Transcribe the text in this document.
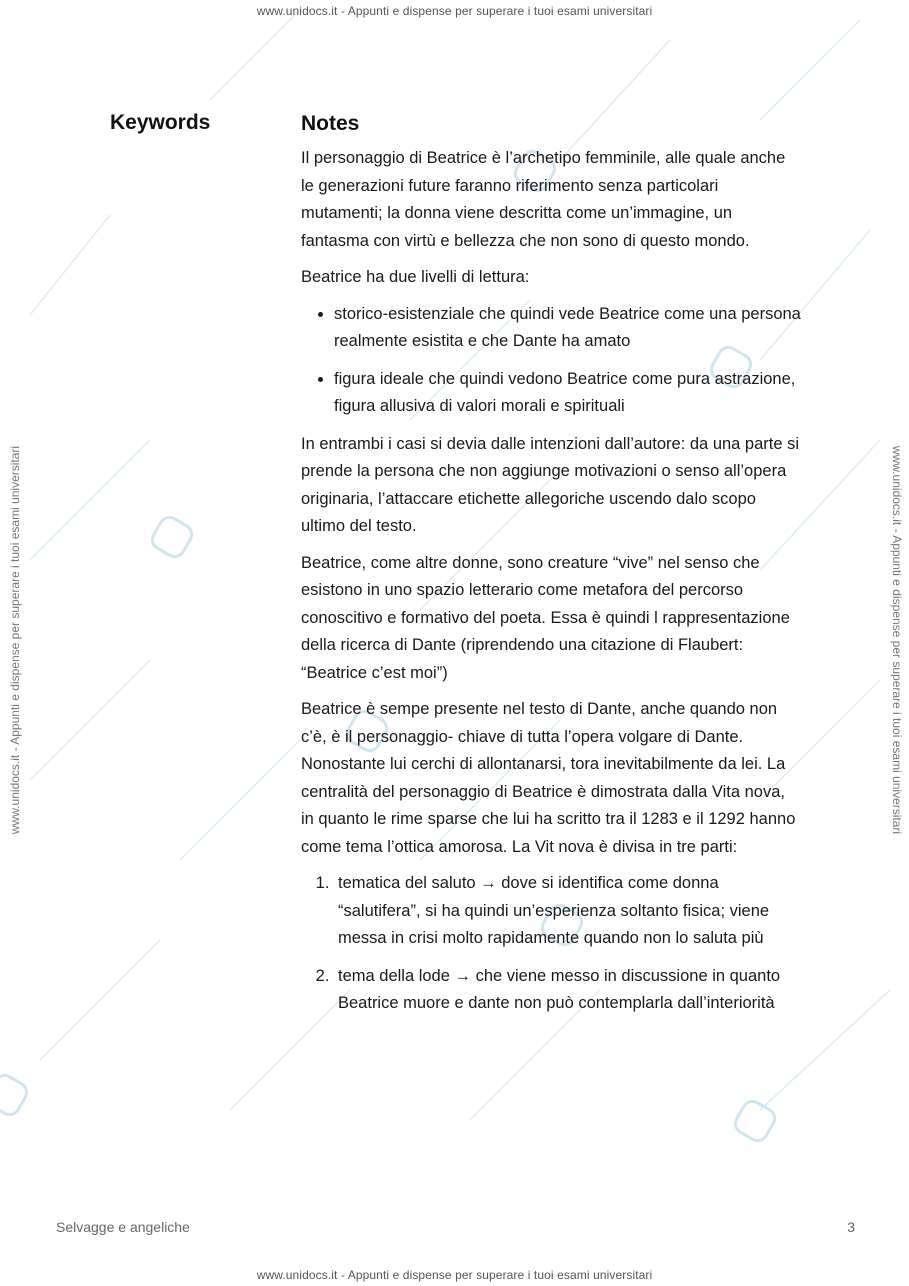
www.unidocs.it - Appunti e dispense per superare i tuoi esami universitari
www.unidocs.it - Appunti e dispense per superare i tuoi esami universitari
www.unidocs.it - Appunti e dispense per superare i tuoi esami universitari	www.unidocs.it - Appunti e dispense per superare i tuoi esami universitari
Keywords	Notes

Il personaggio di Beatrice è l’archetipo femminile, alle quale anche le generazioni future faranno riferimento senza particolari mutamenti; la donna viene descritta come un’immagine, un fantasma con virtù e bellezza che non sono di questo mondo.

Beatrice ha due livelli di lettura:

• storico-esistenziale che quindi vede Beatrice come una persona realmente esistita e che Dante ha amato
• figura ideale che quindi vedono Beatrice come pura astrazione, figura allusiva di valori morali e spirituali

In entrambi i casi si devia dalle intenzioni dall’autore: da una parte si prende la persona che non aggiunge motivazioni o senso all’opera originaria, l’attaccare etichette allegoriche uscendo dalo scopo ultimo del testo.

Beatrice, come altre donne, sono creature “vive” nel senso che esistono in uno spazio letterario come metafora del percorso conoscitivo e formativo del poeta. Essa è quindi l rappresentazione della ricerca di Dante (riprendendo una citazione di Flaubert: “Beatrice c’est moi”)

Beatrice è sempe presente nel testo di Dante, anche quando non c’è, è il personaggio- chiave di tutta l’opera volgare di Dante. Nonostante lui cerchi di allontanarsi, tora inevitabilmente da lei. La centralità del personaggio di Beatrice è dimostrata dalla Vita nova, in quanto le rime sparse che lui ha scritto tra il 1283 e il 1292 hanno come tema l’ottica amorosa. La Vit nova è divisa in tre parti:

1. tematica del saluto → dove si identifica come donna “salutifera”, si ha quindi un’esperienza soltanto fisica; viene messa in crisi molto rapidamente quando non lo saluta più
2. tema della lode → che viene messo in discussione in quanto Beatrice muore e dante non può contemplarla dall’interiorità
Selvagge e angeliche	3
